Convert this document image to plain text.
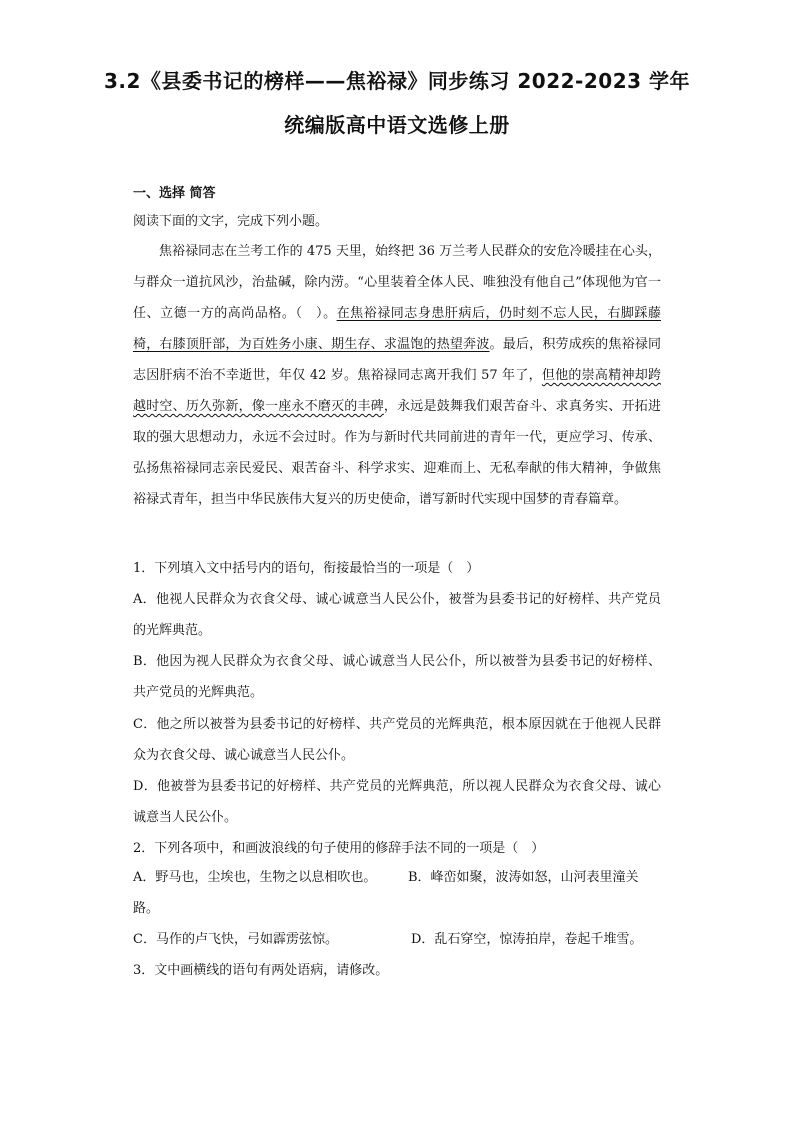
3.2《县委书记的榜样——焦裕禄》同步练习 2022-2023 学年
统编版高中语文选修上册
一、选择 简答
阅读下面的文字，完成下列小题。
焦裕禄同志在兰考工作的 475 天里，始终把 36 万兰考人民群众的安危冷暖挂在心头，与群众一道抗风沙，治盐碱，除内涝。“心里装着全体人民、唯独没有他自己”体现他为官一任、立德一方的高尚品格。（　）。在焦裕禄同志身患肝病后，仍时刻不忘人民，右脚踩藤椅，右膝顶肝部，为百姓务小康、期生存、求温饱的热望奔波。最后，积劳成疾的焦裕禄同志因肝病不治不幸逝世，年仅 42 岁。焦裕禄同志离开我们 57 年了，但他的崇高精神却跨越时空、历久弥新，像一座永不磨灭的丰碑，永远是鼓舞我们艰苦奋斗、求真务实、开拓进取的强大思想动力，永远不会过时。作为与新时代共同前进的青年一代，更应学习、传承、弘扬焦裕禄同志亲民爱民、艰苦奋斗、科学求实、迎难而上、无私奉献的伟大精神，争做焦裕禄式青年，担当中华民族伟大复兴的历史使命，谱写新时代实现中国梦的青春篇章。
1．下列填入文中括号内的语句，衔接最恰当的一项是（　）
A．他视人民群众为衣食父母、诚心诚意当人民公仆，被誉为县委书记的好榜样、共产党员的光辉典范。
B．他因为视人民群众为衣食父母、诚心诚意当人民公仆，所以被誉为县委书记的好榜样、共产党员的光辉典范。
C．他之所以被誉为县委书记的好榜样、共产党员的光辉典范，根本原因就在于他视人民群众为衣食父母、诚心诚意当人民公仆。
D．他被誉为县委书记的好榜样、共产党员的光辉典范，所以视人民群众为衣食父母、诚心诚意当人民公仆。
2．下列各项中，和画波浪线的句子使用的修辞手法不同的一项是（　）
A．野马也，尘埃也，生物之以息相吹也。 B．峰峦如聚，波涛如怒，山河表里潼关
路。
C．马作的卢飞快，弓如霹雳弦惊。	D．乱石穿空，惊涛拍岸，卷起千堆雪。
3．文中画横线的语句有两处语病，请修改。
